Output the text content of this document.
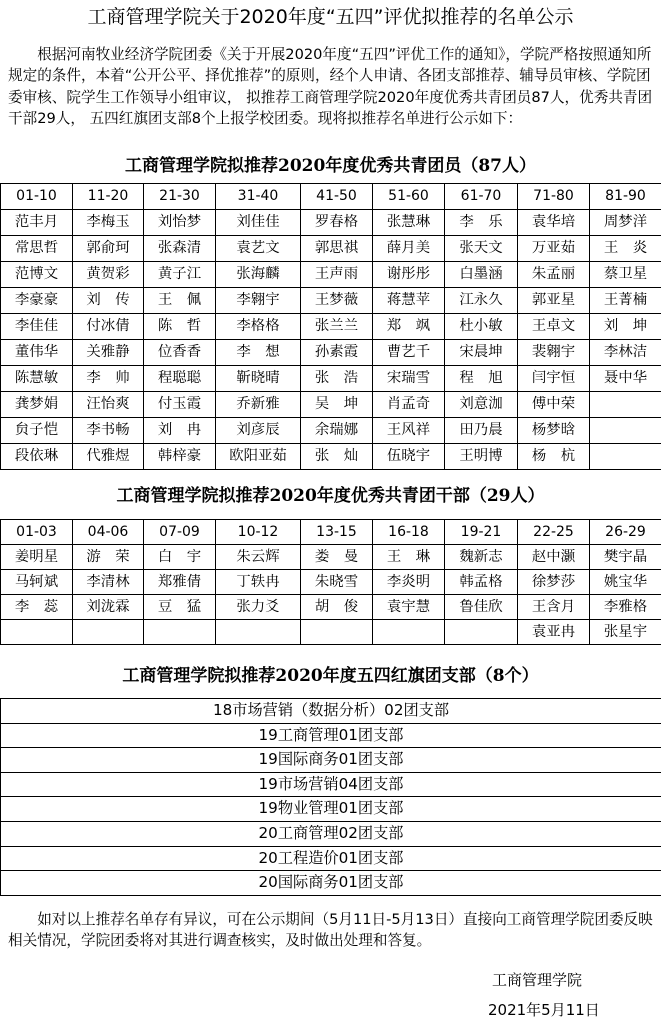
工商管理学院关于2020年度“五四”评优拟推荐的名单公示

根据河南牧业经济学院团委《关于开展2020年度“五四”评优工作的通知》，学院严格按照通知所规定的条件，本着“公开公平、择优推荐”的原则，经个人申请、各团支部推荐、辅导员审核、学院团委审核、院学生工作领导小组审议， 拟推荐工商管理学院2020年度优秀共青团员87人，优秀共青团干部29人， 五四红旗团支部8个上报学校团委。现将拟推荐名单进行公示如下：

工商管理学院拟推荐2020年度优秀共青团员（87人）
01-10	11-20	21-30	31-40	41-50	51-60	61-70	71-80	81-90
范丰月	李梅玉	刘怡梦	刘佳佳	罗春格	张慧琳	李　乐	袁华培	周梦洋
常思哲	郭俞珂	张森清	袁艺文	郭思祺	薛月美	张天文	万亚茹	王　炎
范博文	黄贺彩	黄子江	张海麟	王声雨	谢彤彤	白墨涵	朱孟丽	蔡卫星
李豪豪	刘　传	王　佩	李翱宇	王梦薇	蒋慧苹	江永久	郭亚星	王菁楠
李佳佳	付冰倩	陈　哲	李格格	张兰兰	郑　飒	杜小敏	王卓文	刘　坤
董伟华	关雅静	位香香	李　想	孙素霞	曹艺千	宋晨坤	裴翱宇	李林洁
陈慧敏	李　帅	程聪聪	靳晓晴	张　浩	宋瑞雪	程　旭	闫宇恒	聂中华
龚梦娟	汪怡爽	付玉霞	乔新雅	吴　坤	肖孟奇	刘意泇	傅中荣	
贠子恺	李书畅	刘　冉	刘彦辰	余瑞娜	王风祥	田乃晨	杨梦晗	
段依琳	代雅煜	韩梓豪	欧阳亚茹	张　灿	伍晓宇	王明博	杨　杭	
工商管理学院拟推荐2020年度优秀共青团干部（29人）
01-03	04-06	07-09	10-12	13-15	16-18	19-21	22-25	26-29
姜明星	游　荣	白　宇	朱云辉	娄　曼	王　琳	魏新志	赵中灏	樊宇晶
马轲斌	李清林	郑雅倩	丁轶冉	朱晓雪	李炎明	韩孟格	徐梦莎	姚宝华
李　蕊	刘泷霖	豆　猛	张力爻	胡　俊	袁宇慧	鲁佳欣	王含月	李雅格
							袁亚冉	张星宇
工商管理学院拟推荐2020年度五四红旗团支部（8个）
18市场营销（数据分析）02团支部
19工商管理01团支部
19国际商务01团支部
19市场营销04团支部
19物业管理01团支部
20工商管理02团支部
20工程造价01团支部
20国际商务01团支部

如对以上推荐名单存有异议，可在公示期间（5月11日-5月13日）直接向工商管理学院团委反映相关情况，学院团委将对其进行调查核实，及时做出处理和答复。

工商管理学院
2021年5月11日
